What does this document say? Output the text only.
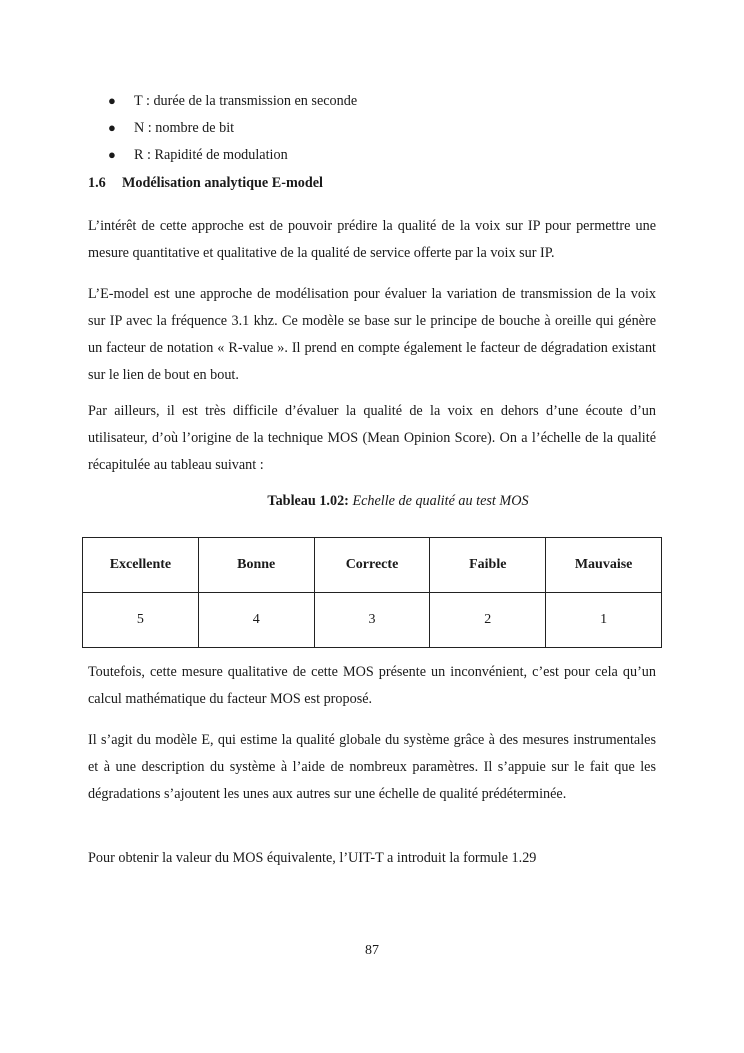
●	T : durée de la transmission en seconde
●	N : nombre de bit
●	R : Rapidité de modulation
1.6 Modélisation analytique E-model

L’intérêt de cette approche est de pouvoir prédire la qualité de la voix sur IP pour permettre une mesure quantitative et qualitative de la qualité de service offerte par la voix sur IP.

L’E-model est une approche de modélisation pour évaluer la variation de transmission de la voix sur IP avec la fréquence 3.1 khz. Ce modèle se base sur le principe de bouche à oreille qui génère un facteur de notation « R-value ». Il prend en compte également le facteur de dégradation existant sur le lien de bout en bout.

Par ailleurs, il est très difficile d’évaluer la qualité de la voix en dehors d’une écoute d’un utilisateur, d’où l’origine de la technique MOS (Mean Opinion Score). On a l’échelle de la qualité récapitulée au tableau suivant :

Tableau 1.02: Echelle de qualité au test MOS
Excellente	Bonne	Correcte	Faible	Mauvaise
5	4	3	2	1

Toutefois, cette mesure qualitative de cette MOS présente un inconvénient, c’est pour cela qu’un calcul mathématique du facteur MOS est proposé.

Il s’agit du modèle E, qui estime la qualité globale du système grâce à des mesures instrumentales et à une description du système à l’aide de nombreux paramètres. Il s’appuie sur le fait que les dégradations s’ajoutent les unes aux autres sur une échelle de qualité prédéterminée.

Pour obtenir la valeur du MOS équivalente, l’UIT-T a introduit la formule 1.29

87
